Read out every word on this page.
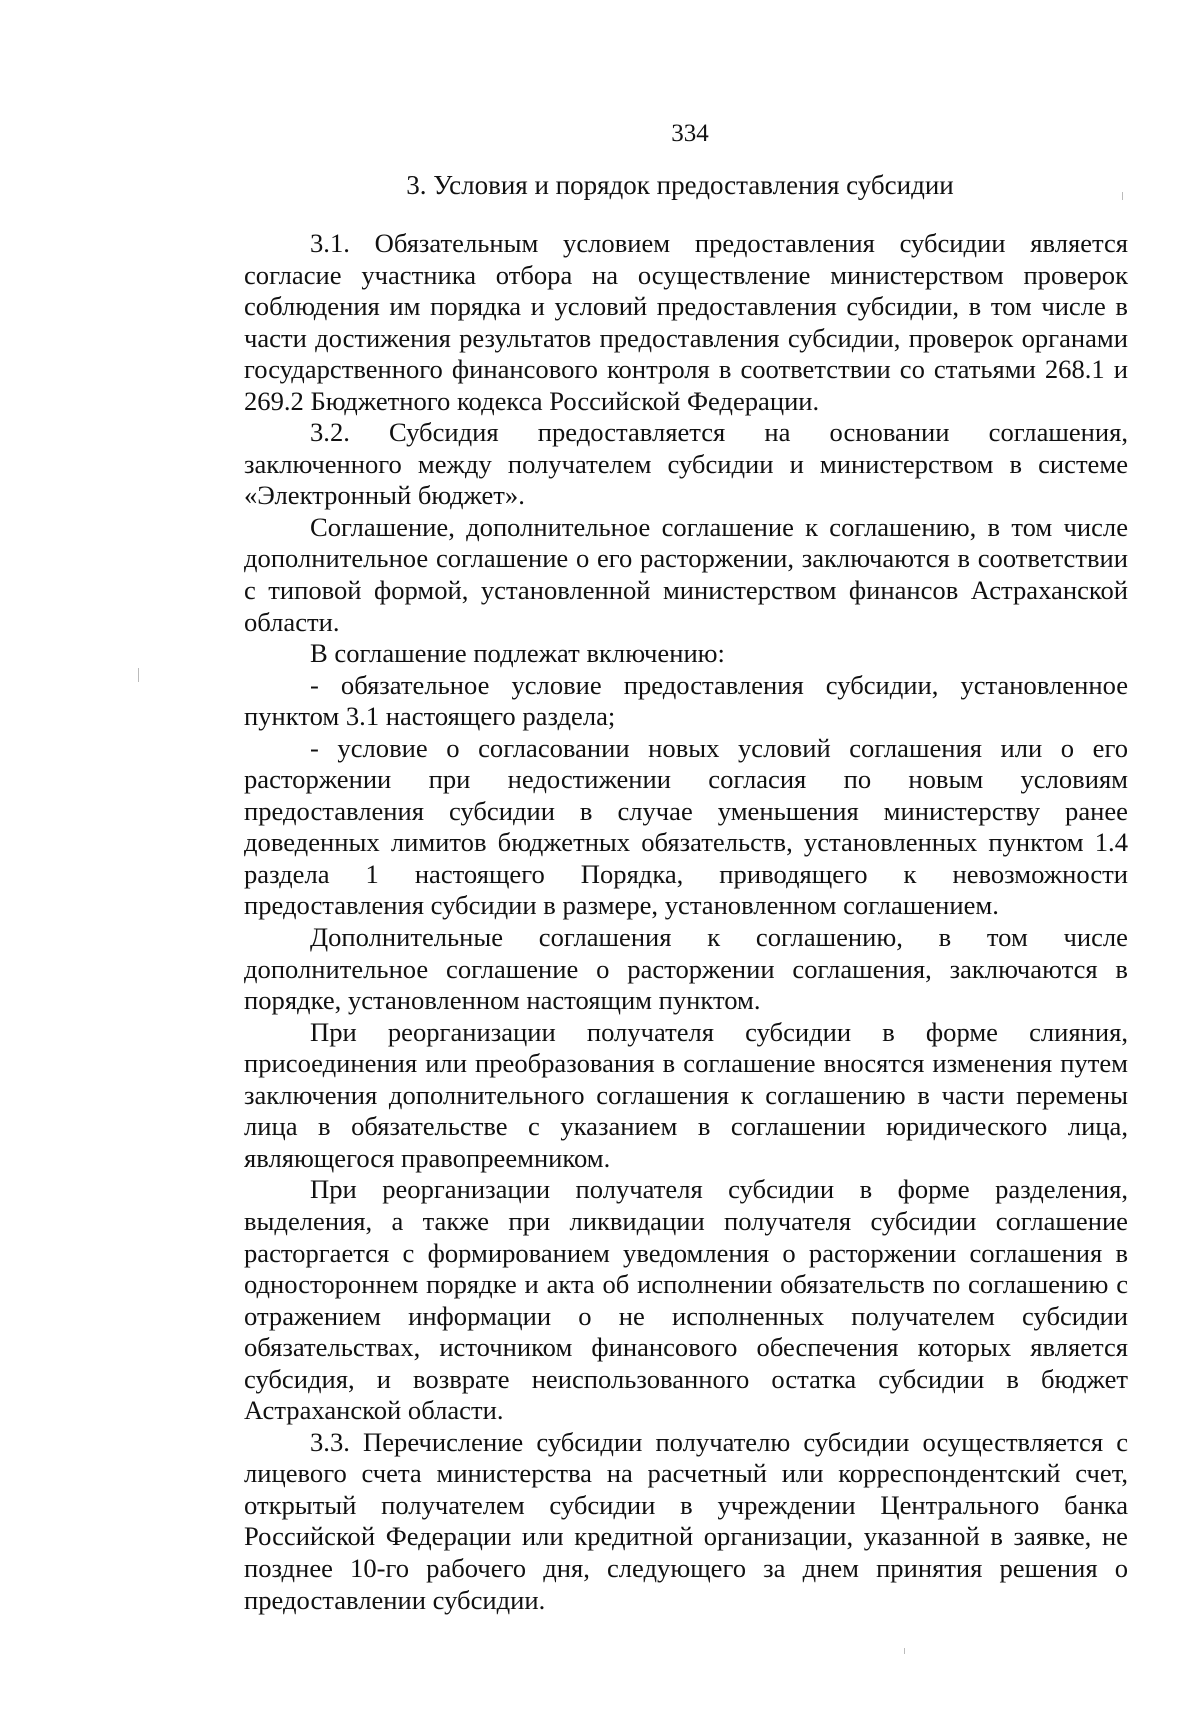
334
3. Условия и порядок предоставления субсидии

3.1. Обязательным условием предоставления субсидии является согласие участника отбора на осуществление министерством проверок соблюдения им порядка и условий предоставления субсидии, в том числе в части достижения результатов предоставления субсидии, проверок органами государственного финансового контроля в соответствии со статьями 268.1 и 269.2 Бюджетного кодекса Российской Федерации.

3.2. Субсидия предоставляется на основании соглашения, заключенного между получателем субсидии и министерством в системе «Электронный бюджет».

Соглашение, дополнительное соглашение к соглашению, в том числе дополнительное соглашение о его расторжении, заключаются в соответствии с типовой формой, установленной министерством финансов Астраханской области.

В соглашение подлежат включению:

- обязательное условие предоставления субсидии, установленное пунктом 3.1 настоящего раздела;

- условие о согласовании новых условий соглашения или о его расторжении при недостижении согласия по новым условиям предоставления субсидии в случае уменьшения министерству ранее доведенных лимитов бюджетных обязательств, установленных пунктом 1.4 раздела 1 настоящего Порядка, приводящего к невозможности предоставления субсидии в размере, установленном соглашением.

Дополнительные соглашения к соглашению, в том числе дополнительное соглашение о расторжении соглашения, заключаются в порядке, установленном настоящим пунктом.

При реорганизации получателя субсидии в форме слияния, присоединения или преобразования в соглашение вносятся изменения путем заключения дополнительного соглашения к соглашению в части перемены лица в обязательстве с указанием в соглашении юридического лица, являющегося правопреемником.

При реорганизации получателя субсидии в форме разделения, выделения, а также при ликвидации получателя субсидии соглашение расторгается с формированием уведомления о расторжении соглашения в одностороннем порядке и акта об исполнении обязательств по соглашению с отражением информации о не исполненных получателем субсидии обязательствах, источником финансового обеспечения которых является субсидия, и возврате неиспользованного остатка субсидии в бюджет Астраханской области.

3.3. Перечисление субсидии получателю субсидии осуществляется с лицевого счета министерства на расчетный или корреспондентский счет, открытый получателем субсидии в учреждении Центрального банка Российской Федерации или кредитной организации, указанной в заявке, не позднее 10-го рабочего дня, следующего за днем принятия решения о предоставлении субсидии.
